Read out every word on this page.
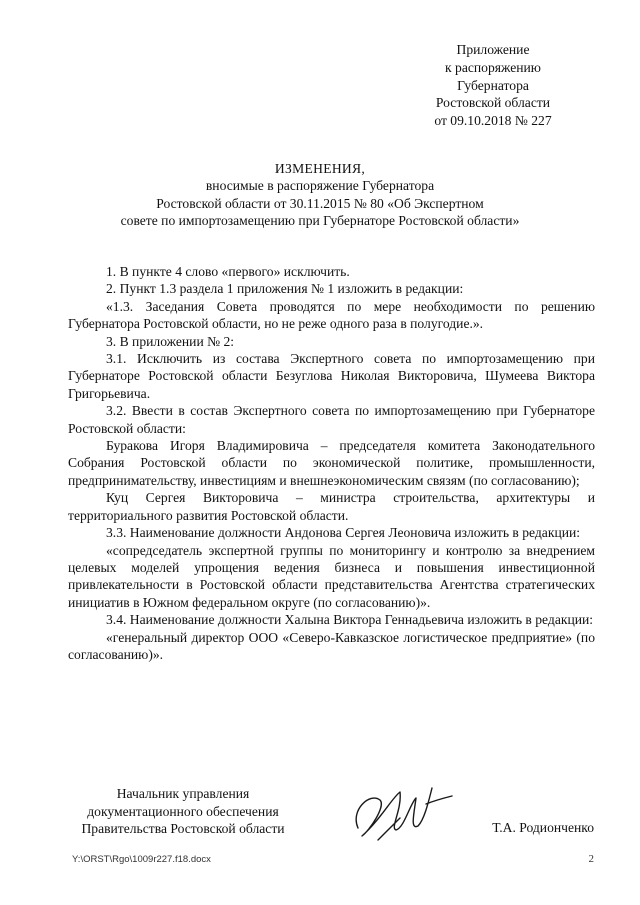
Приложение
к распоряжению
Губернатора
Ростовской области
от 09.10.2018 № 227
ИЗМЕНЕНИЯ,
вносимые в распоряжение Губернатора
Ростовской области от 30.11.2015 № 80 «Об Экспертном
совете по импортозамещению при Губернаторе Ростовской области»

1. В пункте 4 слово «первого» исключить.

2. Пункт 1.3 раздела 1 приложения № 1 изложить в редакции:

«1.3. Заседания Совета проводятся по мере необходимости по решению Губернатора Ростовской области, но не реже одного раза в полугодие.».

3. В приложении № 2:

3.1. Исключить из состава Экспертного совета по импортозамещению при Губернаторе Ростовской области Безуглова Николая Викторовича, Шумеева Виктора Григорьевича.

3.2. Ввести в состав Экспертного совета по импортозамещению при Губернаторе Ростовской области:

Буракова Игоря Владимировича – председателя комитета Законодательного Собрания Ростовской области по экономической политике, промышленности, предпринимательству, инвестициям и внешнеэкономическим связям (по согласованию);

Куц Сергея Викторовича – министра строительства, архитектуры и территориального развития Ростовской области.

3.3. Наименование должности Андонова Сергея Леоновича изложить в редакции:

«сопредседатель экспертной группы по мониторингу и контролю за внедрением целевых моделей упрощения ведения бизнеса и повышения инвестиционной привлекательности в Ростовской области представительства Агентства стратегических инициатив в Южном федеральном округе (по согласованию)».

3.4. Наименование должности Халына Виктора Геннадьевича изложить в редакции:

«генеральный директор ООО «Северо-Кавказское логистическое предприятие» (по согласованию)».

Начальник управления
документационного обеспечения
Правительства Ростовской области	Т.А. Родионченко
Y:\ORST\Rgo\1009r227.f18.docx	2
